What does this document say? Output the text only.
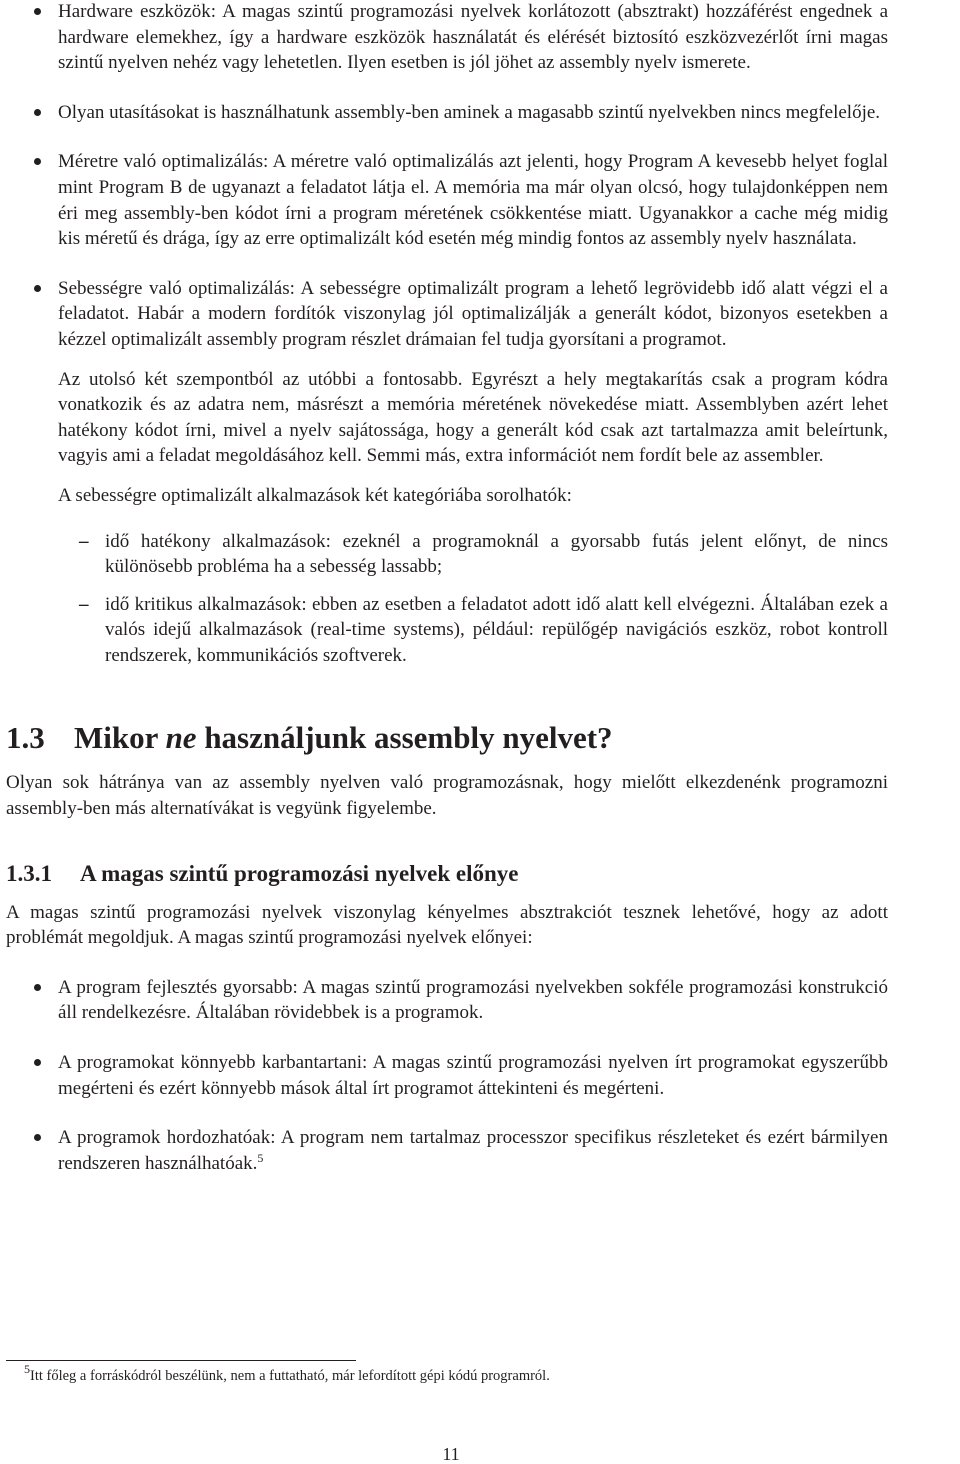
Hardware eszközök: A magas szintű programozási nyelvek korlátozott (absztrakt) hozzáférést engednek a hardware elemekhez, így a hardware eszközök használatát és elérését biztosító eszközvezérlőt írni magas szintű nyelven nehéz vagy lehetetlen. Ilyen esetben is jól jöhet az assembly nyelv ismerete.
Olyan utasításokat is használhatunk assembly-ben aminek a magasabb szintű nyelvekben nincs megfelelője.
Méretre való optimalizálás: A méretre való optimalizálás azt jelenti, hogy Program A kevesebb helyet foglal mint Program B de ugyanazt a feladatot látja el. A memória ma már olyan olcsó, hogy tulajdonképpen nem éri meg assembly-ben kódot írni a program méretének csökkentése miatt. Ugyanakkor a cache még midig kis méretű és drága, így az erre optimalizált kód esetén még mindig fontos az assembly nyelv használata.
Sebességre való optimalizálás: A sebességre optimalizált program a lehető legrövidebb idő alatt végzi el a feladatot. Habár a modern fordítók viszonylag jól optimalizálják a generált kódot, bizonyos esetekben a kézzel optimalizált assembly program részlet drámaian fel tudja gyorsítani a programot.

Az utolsó két szempontból az utóbbi a fontosabb. Egyrészt a hely megtakarítás csak a program kódra vonatkozik és az adatra nem, másrészt a memória méretének növekedése miatt. Assemblyben azért lehet hatékony kódot írni, mivel a nyelv sajátossága, hogy a generált kód csak azt tartalmazza amit beleírtunk, vagyis ami a feladat megoldásához kell. Semmi más, extra információt nem fordít bele az assembler.

A sebességre optimalizált alkalmazások két kategóriába sorolhatók:

– idő hatékony alkalmazások: ezeknél a programoknál a gyorsabb futás jelent előnyt, de nincs különösebb probléma ha a sebesség lassabb;
– idő kritikus alkalmazások: ebben az esetben a feladatot adott idő alatt kell elvégezni. Általában ezek a valós idejű alkalmazások (real-time systems), például: repülőgép navigációs eszköz, robot kontroll rendszerek, kommunikációs szoftverek.
1.3 Mikor ne használjunk assembly nyelvet?

Olyan sok hátránya van az assembly nyelven való programozásnak, hogy mielőtt elkezdenénk programozni assembly-ben más alternatívákat is vegyünk figyelembe.

1.3.1 A magas szintű programozási nyelvek előnye

A magas szintű programozási nyelvek viszonylag kényelmes absztrakciót tesznek lehetővé, hogy az adott problémát megoldjuk. A magas szintű programozási nyelvek előnyei:

A program fejlesztés gyorsabb: A magas szintű programozási nyelvekben sokféle programozási konstrukció áll rendelkezésre. Általában rövidebbek is a programok.
A programokat könnyebb karbantartani: A magas szintű programozási nyelven írt programokat egyszerűbb megérteni és ezért könnyebb mások által írt programot áttekinteni és megérteni.
A programok hordozhatóak: A program nem tartalmaz processzor specifikus részleteket és ezért bármilyen rendszeren használhatóak.$^5$
$^5$Itt főleg a forráskódról beszélünk, nem a futtatható, már lefordított gépi kódú programról.
11
